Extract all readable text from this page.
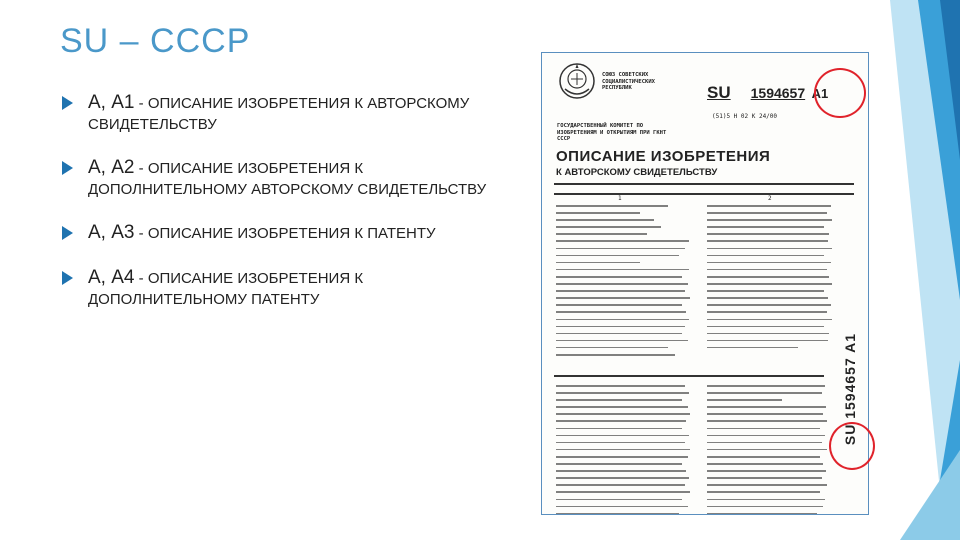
SU – СССР
А, А1 - ОПИСАНИЕ ИЗОБРЕТЕНИЯ К АВТОРСКОМУ
СВИДЕТЕЛЬСТВУ
А, А2 - ОПИСАНИЕ ИЗОБРЕТЕНИЯ К
ДОПОЛНИТЕЛЬНОМУ АВТОРСКОМУ СВИДЕТЕЛЬСТВУ
А, А3 - ОПИСАНИЕ ИЗОБРЕТЕНИЯ К ПАТЕНТУ
А, А4 - ОПИСАНИЕ ИЗОБРЕТЕНИЯ К
ДОПОЛНИТЕЛЬНОМУ ПАТЕНТУ
СОЮЗ СОВЕТСКИХ СОЦИАЛИСТИЧЕСКИХ РЕСПУБЛИК	SU 1594657 A1
(51)5 Н 02 К 24/00
ГОСУДАРСТВЕННЫЙ КОМИТЕТ ПО ИЗОБРЕТЕНИЯМ И ОТКРЫТИЯМ ПРИ ГКНТ СССР
ОПИСАНИЕ ИЗОБРЕТЕНИЯ
К АВТОРСКОМУ СВИДЕТЕЛЬСТВУ
1	2
SU 1594657 A1
